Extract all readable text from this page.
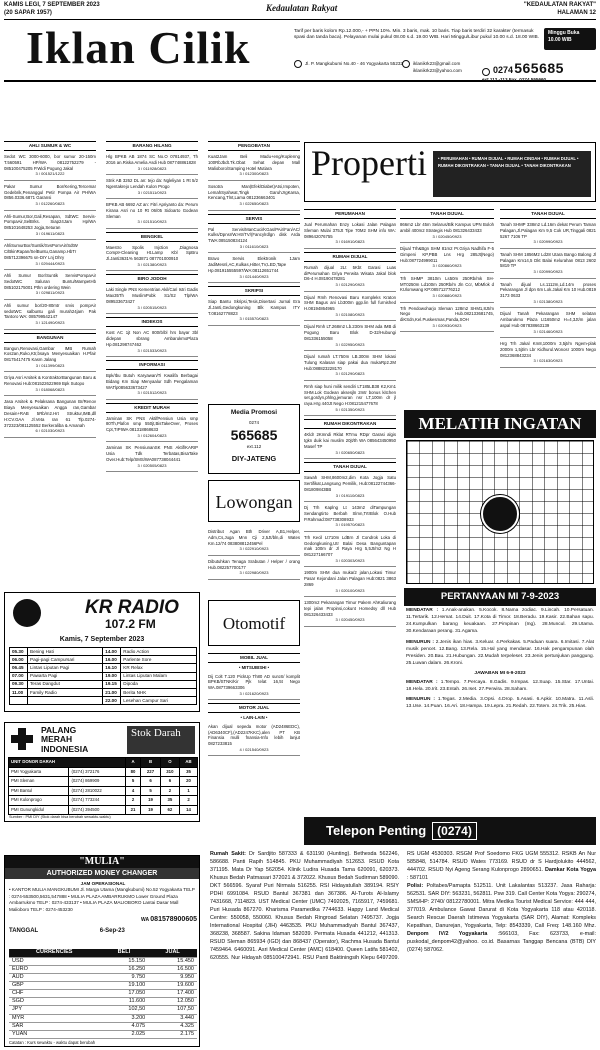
KAMIS LEGI, 7 SEPTEMBER 2023
(20 SAPAR 1957)	Kedaulatan Rakyat	"KEDAULATAN RAKYAT"
HALAMAN 12
Iklan Cilik	Tarif per baris kolom Rp.12.000,- + PPN 10%. Min. 3 baris, mak. 10 baris. Tiap baris terdiri 32 karakter (termasuk spasi dan tanda baca). Pelayanan mulai pukul 08.00 s.d. 19.00 WIB. Hari Minggu/Libur pukul 10.00 s.d. 18.00 WIB.
Minggu Buka
10.00 WIB
Jl. P. Mangkubumi No.40 - 46 Yogyakarta 55232	iklanikrk23@gmail.com
iklanikrk23@yahoo.com	0274 565685
ext.112 -113 Fax. 0274 555660
AHLI SUMUR & WC
Sedot WC 3000-6000, bor sumur 20-150m T.560591 HP/WA 08122752279 - 085100475205 P.Widi Pogung Jakal
3 / 001521/1222
Pakar Sumur Bor/Kering,Tercemar Gedebrik,Penanggul Petir Pompa Air PH/WA 0856.0336.6871 Garansi
3 / 012260/0823
Ahli-Sumur,Bor,Gali,Resapan, SdtWC Servis-PompaAir,SelBrks. Siap24Jam Hp/WA 085101648253 Jogja,Seturan
3 / 019611/0823
AhliSumurBor/Suntik/SvsPomAir/SdtW C/BkinRapan/SelBuntu,Ganamp.HbTr 085712396675 sn-DIY Lnj Dhry
3 / 029444/0923
Ahli Sumur Bor/Suntik ServisPompaAir SedotWC Saluran Buntu/MampetHb 085102175001 Pthn ordering Wein
3 / 029811/0923
Ahli sumur bor/20-80mtr srvis pompAir sedotWC salbuntu gali murah24jam Pak Tantoro WA: 085799542147
3 / 121490/0923
BANGUNAN
Bangun,Renovasi,Gambar IMB Rumah Kos2an,Ruko,Ktr,bsaya Menyesuaikan H.Pfair 08175417475 Kasm Jalang
3 / 011399/0823
Griya Asri Arsitek & KontraktorBangunan Baru & Renovasi Hub:081522622969 Bpk Sutopo
3 / 018068/0823
Jasa Arsitek & Pelaksana Bangunan Br/Renov Biaya Menyesuaikan Angga ran,Gambar Desain+RAB 5Rb/m2.Hrt Struktur,IMB,dll H:CV.GAA Jl.Veta ran 61 Tlp.0274-372323/081125552 Berkeraliba & Amanah
6 / 021030/0923
BARANG HILANG
Hlg BPKB AB 1874 SC No.O 07814937, Th 2016 an.Riska Amelia Asdi Hub 087748861828
3 / 011928/0823
Stnk AB 3262 DL an: tejo da: Ngleliyan 1 Rt 5/2 Ngentakrejo Lendah Kulon Progo
3 / 021511/0923
BPKB AB 6692 AZ an: Fitri Apriyanto da: Perum Kirana Asri no 10 Rt 06/05 Sidoarto Godean Sleman
3 / 021510/0923
BENGKEL
Maestro Spolis Injction ,Diagnosa Compt+Cleaning Ht.Lamp Kbl SpBru Jl.Janti3631% 563871 087701000910
3 / 021380/0923
BIRO JODOH
Laki Single PNS Kementrian Akil/Cari Istri Gadis Max35Th MuslimPobk S1/S2 Tlp/WA 089533673427
3 / 020515/0923
INDEKOS
Kost AC 1jt Non AC 800rb/bl hrs bayar 3bl didepan sbrang AmbarukmoPlaza Hp.081298747462
3 / 021533/0923
INFORMASI
Bpk/Ibu Butuh Karyawan/Ti Kwalifa Berbagai Bidang Km Siap Menyaalur Sdh Pengalaman WATlp085633673427
3 / 021512/0923
KREDIT MURAH
Jaminan SK PNS AktifPensiun Usia smp 80Th,Plafon smp 550jt,BisTakeOver, Proses Cpt,TIPIWA 081318868633
3 / 012604/0823
Jaminan SK PensiunanSK PNS Aktif/KARIP Usia Tdk Terbatas,BisaTake Over.Hub:Telp/SMS/WA087738044441
3 / 020505/0823
PENGOBATAN
Kuat2Jam Beli Madu+eng/Koplenng 100RbJbdt.Tk.Obat Sehat depan Mall Malioboro/Samping Hotel Mutiara
3 / 012300/0823
Sosotra Man(Efek/Diabet)Atsi,Impoten, LemahSyahwat,Tingk GaruhJrgKarsa, Kencang,Tlnt,Lama 081236663401
3 / 022650/0823
SERVIS
Pal Servis/ManCuci/KGas/PAir/Fan/AC/ Kulks/Dpnsr/W.Htr/TV/(Fancylrdlgn disk Arda TWA:085150834124
3 / 011610/0823
Bravo Servis Elektronik 1Jam JadiMesnl,AC,Kulkas,Hitter,TV,LED,Tape Hp.081915555597/WA:08112651744
3 / 021440/0923
SKRIPSI
Siap Bantu Skripsi,Tesis,Disertasi Jurnal Era Jl.Janti,Gedongkuning Blk Kampus ITY T.08162778823
3 / 015570/0823
Media Promosi
0274
565685
ext.112
DIY-JATENG
Lowongan
Distribut Agan Bth Driver A,B1,Helper, Adm,Cs,Juga Mnn Cji 2,5Jt/bln,di Wates Km.12/74 083808812456Pel
3 / 022910/0923
Dibutuhkan Tenaga Srabutan / Helper / orang Hub.082257700177
3 / 022980/0923
Otomotif
MOBIL JUAL
• MITSUBISHI •
Dij Colt T.120 PickUp Th80 AD suroS/ komplit BPKB/STNK/Kir Pjk telat 16,5t Nego WA.087739663306
3 / 021620/0923
MOTOR JUAL
• LAIN-LAIN •
Akan dijual sepeda motor (AD2486EDC), (AD6340CF),(AD2247KKC),alen PT KB Finansia mulli fnansia-Info lebih lanjut 0827233815
4 / 021540/0923
Properti	• PERUMAHAN • RUMAH DIJUAL • RUMAH CINDAH • RUMAH DIJUAL • RUMAH DIKONTRAKAN • TANAH DIJUAL • TANAH DIKONTRAKAN
PERUMAHAN
Jual Perumahan Enzy Lokasi Jalan Palagan Sleman Mulai 375Jt Tipe 70M2 SHM info WA: 089642076755
3 / 016910/0823
RUMAH DIJUAL
Rumah dijual 2Lt 5Kbt Garasi Luas diPerumahan Griya Perwita Wisata Jakal blok D6-4 H.08190478281
3 / 021290/0923
Dijual Rmh Renovasi Baru Kompleks Kraton SHM Bagus ani Lb300m ggp.lin full furnished H.08194864965
3 / 021080/0923
Dijual Rmh LT.268m2 Lb.230m SHM ada IMB di Pogung Baru Blok D-32/Hubungi 081336155058
3 / 022950/0923
Dijual rumah LT.750m LB.300m SHM lokasi Tulung Kalasan siap pakai dua mukaRp2.2M Hub:088823228170
3 / 021290/0823
Rmh siap huni milik sendiri LT185LB38 K2,Km1 SHM.Lok Godean aksesjln 2mtr bonus kitchen set,gordyn,phlng,jemuran nsr LT,100m dr jl raya.Hrg 440Jt Nego H:081215477678
5 / 021350/0923
RUMAH DIKONTRAKAN
4Kldr 2Kmndi Rklat RTmu RDpr Garasi algis tgkn duik kai muslim 20jt/th WA 085643450950 Masef TP
3 / 020650/0823
TANAH DIJUAL
Sawah SHM,8600m2,dim Kota Jogja Satu Sertifikat,Langsung Pemilik, Hub:08122744366-081809843BB
3 / 019110/0823
Dj Trh Kaplng Lt 143m2 diTampungan Sendangtirto Berbah Slmn,TrtrBlok O.Hub P.Rahmad:087738308933
3 / 019570/0823
Trh Kecil Lt710m LdBrn Jl Condrok Loka di Gedongkuning,Utr Balai Desa Banguntapan mak 100m dr Jl Raya Hrg 5,5Jt/m2 Ng H 081227166707
3 / 020303/0923
1900m SHM dua muka/2 jalan,Lokasi Timur Pasar Kejondani Jalan Palagan Hub:0821 3863 2869
3 / 020100/0923
1300m2 Pekarangan Timur Pakem AhKaliurang tepi jalan Propinsi,cokunt Homedsy dll Hub 081326433433
3 / 020450/0923
TANAH DIJUAL
866m2 Lbr 45m Selarus/Blk Kampus UPN Boloh ambil 400m2 Strategis Hub 081326433433
3 / 020450/0923
Dijual Trh&Bgn SHM 81m2 Pr.Griya Nadhifa F-5 Gimpeni KP,PBB Lns Hrg 285Jt(Nego) Hub:087724999011
3 / 020860/0923
Trh SHMP 3810m Ls50m 250Rb/mk SH-MT0250m Ld100m 250Rb/m Jln Ccr, MbMlok d KUlomwang KP:085712776212
3 / 020880/0923
Trh Pendowoharjo Sleman 128m2 SHM1,8Jt/m Nego Hub.082133681745, diKSdn,Kel.Puskesmas,Panda,SOH
3 / 020930/0923
TANAH DIJUAL
Tanah SHMP 338m2 Ld.16m dekat Perum Taman Palagan,Jl.Palagan Km 9,5 Cok UR,Tinggali 0821 5267 7106 TP
3 / 020990/0923
Tanah SHM 1856M2 Ld28 Utara Bango Balong Jl Palagan Km14,5 Dkt Balai Kelurahan 0813 2602 5819 TP
3 / 020990/0923
Tanah dijual Ls.1112m,Ld.14m proses Pekarangan Jl dpn 6m Lok.Jakal Km 10 Hub.0819 3173 0633
3 / 021380/0923
Dijual Tanah Pekarangan SHM selatan Ambarukmo Plaza Lt1650m2 H=4,3Jt/m jalan aspal Hub 087838663139
3 / 021460/0923
Hrg Trh Jakal Km8,1000m 3,5jt/m Ngem-plak 2000m 1,5jt/m Lbr Kidhurul.Wonosr 1000m Nego 0812368843234
3 / 021630/0923
MELATIH INGATAN
PERTANYAAN MI 7-9-2023
MENDATAR : 1.Anak-anakan. 5.Kocok. 8.Nama zodiac. 9.Lincah. 10.Persatuan. 11.Tertarik. 12.Hemat. 14.Duit. 17.Kota di Timor. 18.Beradu. 19.Kasir. 22.Bahan sapu. 24.Kumpulkan barang keuakaan. 27.Pimpinan (Ing). 28.Muncul. 29.Utama. 30.Kendaraan perang. 31.Agama.
MENURUN : 2.Jenis ikan hias. 3.Keluar. 4.Perkakas. 5.Paduan suara. 6.Imitasi. 7.Alat musik pencet. 12.Bang. 13.Rela. 15.Hal yang mendasar. 16.Hak pengampunan olah Presiden. 20.Bau. 21.Hubungan. 22.Mudah terpeleset. 23.Jenis pertunjukan panggung. 25.Luwan dalam. 26.Kroni.
JAWABAN MI 6-9-2023
MENDATAR : 1.Tempo. 7.Percaya. 8.Gadis. 9.Impas. 12.Suap. 15.Star. 17.Untai. 18.Hela. 20.Irit. 23.Entah. 26.Iset. 27.Perwira. 28.Saham.
MENURUN : 1.Tegas. 2.Media. 3.Opsi. 4.Drop. 5.Asasi. 6.Apkir. 10.Matra. 11.Asli. 13.Use. 14.Puan. 16.Ari. 18.Hampa. 19.Lepra. 21.Redah. 22.Totem. 24.Trik. 25.Hias.
KR RADIO
107.2 FM
Kamis, 7 September 2023
05.30	Bening Hati	14.00	Radio Action
06.00	Pagi-pagi Campursari	16.00	Parlente Sore
06.45	Lintas Liputan Pagi	16.10	KR Relax
07.00	Pawarta Pagi	19.00	Lintas Liputan Malam
09.30	Teras Dangdut	19.15	Dipoda
11.00	Family Radio	21.00	Berita NHK
		22.00	Lesehan Campur Sari
PALANG
MERAH
INDONESIA
Stok Darah
UNIT DONOR DARAH		A	B	O	AB
PMI Yogyakarta	(0274) 372176	80	227	310	35
PMI Sleman	(0274) 869909	5	6	6	20
PMI Bantul	(0274) 2810022	4	5	2	1
PMI Kulonprogo	(0274) 773244	2	19	35	2
PMI Gunungkidul	(0274) 394500	21	19	62	14
Sumber : PMI DIY (Stok darah bisa berubah sewaktu-waktu)
"MULIA"
AUTHORIZED MONEY CHANGER
JAM OPERASIONAL
• KANTOR MULIA MANGKUBUMI Jl. Marga Utama (Mangkubumi) No.52 Yogyakarta TELP : 0274-553500,5631,547888 • MULIA PLAZA AMBARRUKMO Lower Ground Plaza Ambarrukmo TELP : 0274-433137 • MULIA PLAZA MALIOBORO Lantai Dasar Mall Malioboro TELP : 0274-453230
WA 081578900605
TANGGAL	6-Sep-23
CURRENCIES	BELI	JUAL
USD	15.150	15.450
EURO	16.250	16.500
AUD	9.750	9.950
GBP	19.100	19.600
CHF	17.050	17.400
SGD	11.600	12.050
JPY	102,50	107,50
MYR	3.200	3.440
SAR	4.075	4.325
YUAN	2.025	2.175
Catatan : Kurs sewaktu - waktu dapat berubah
Telepon Penting (0274)
Rumah Sakit: Dr Sardjito 587333 & 631190 (Hunting). Bethesda 562246, 586688. Panti Rapih 514845. PKU Muhammadiyah 512653. RSUD Kota 371195. Mata Dr Yap 562054. Klinik Ludira Husada Tama 620091, 620373. Khusus Bedah Patmasari 372021 & 372022. Khusus Bedah Sudirman 589090. DKT 566596. Syaraf Puri Nirmala 516255. RSI Hidayatullah 389194. RSIY PDHI 6991084. RSUD Bantul 367381 dan 367386. Al-Turots Al-Islamy 7431668, 7114823. UST Medical Center (UMC) 7492025, 7165917, 7459681. Puri Husada 867270. Kharisma Paramedika 7744633. Happy Land Medical Centre: 550058, 550060. Khusus Bedah Ringroad Selatan 7495737. Jogja International Hospital (JIH) 4463535. PKU Muhammadiyah Bantul 367437, 368238, 368587. Sakina Idaman 582039. Permata Husada 441212, 441313. RSUD Sleman 865934 (IGD) dan 868437 (Operator), Rachma Husada Bantul 7459464. 6460091. Asri Medical Center (AMC) 618400. Queen Latifa 581402, 620555. Nur Hidayah 085100472941. RSU Panti Baktiningsih Klepu 6497209. RS UGM 4530303. RSGM Prof Soedomo FKG UGM 555312. RSKB An Nur 585848, 514784. RSUD Wates 773169. RSUD dr S Hardjolukito 444562, 444702. RSUD Nyi Ageng Serang Kulonprogo 2890651. Damkar Kota Yogya : 587101
Polisi: Poltabes/Pamapta 512511. Unit Lakalantas 513237. Jasa Raharja: 562531. SAR DIY: 563231, 562811. Psw 319. Call Center Kota Yogya: 290274, SMS/HP: 2740/ 08122780001. Mitra Medika Tourist Medical Service: 444 444, 377019. Ambulance Gawat Darurat di Kota Yogyakarta 118 atau 420118. Search Rescue Daerah Istimewa Yogyakarta (SAR DIY), Alamat: Kompleks Kepatihan, Danurejan, Yogyakarta, Telp: 8543339, Call Freq: 148.160 Mhz. Denpom IV/2 Yogyakarta :566103, Fax: 623733, e-mail: puskodal_denpom42@yahoo. co.id. Basarnas Tanggap Bencana (BTB) DIY (0274) 587062.
